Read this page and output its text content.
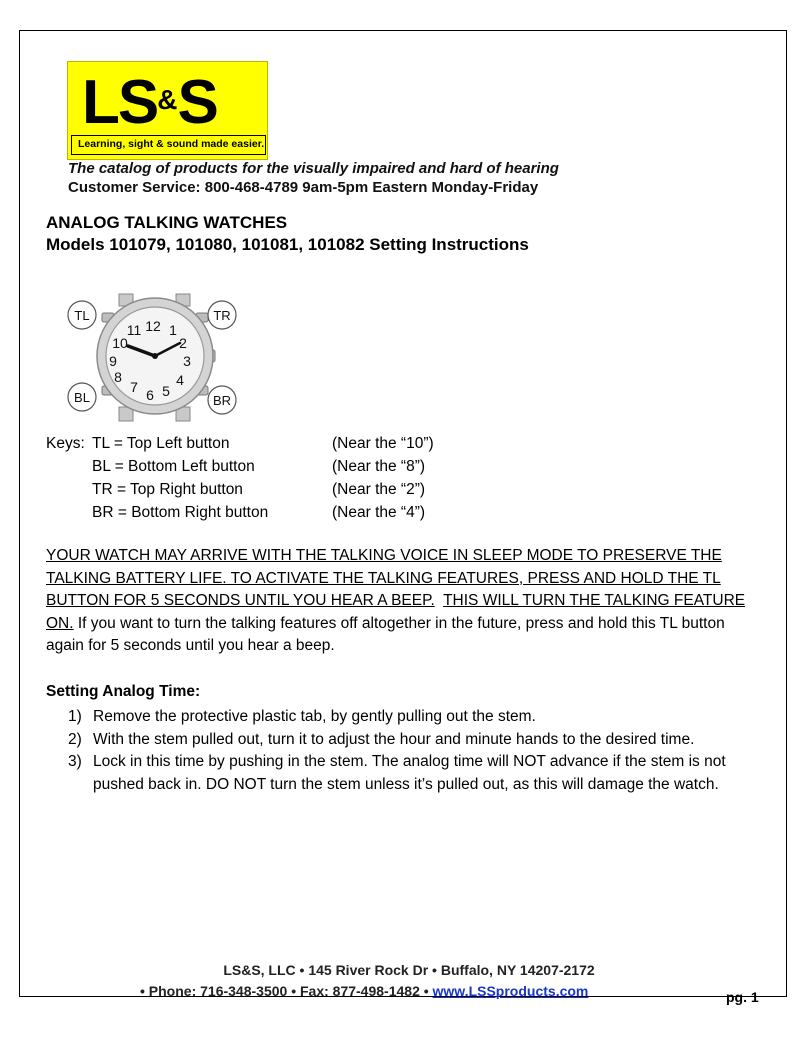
LS&S
Learning, sight & sound made easier.
The catalog of products for the visually impaired and hard of hearing
Customer Service: 800-468-4789 9am-5pm Eastern Monday-Friday
ANALOG TALKING WATCHES
Models 101079, 101080, 101081, 101082 Setting Instructions
12 1
2
3
4
5
6
7
8
9
10
11
TL	TR
BL	BR
Keys: TL = Top Left button	(Near the “10”)
BL = Bottom Left button	(Near the “8”)
TR = Top Right button	(Near the “2”)
BR = Bottom Right button	(Near the “4”)
YOUR WATCH MAY ARRIVE WITH THE TALKING VOICE IN SLEEP MODE TO PRESERVE THE TALKING BATTERY LIFE. TO ACTIVATE THE TALKING FEATURES, PRESS AND HOLD THE TL BUTTON FOR 5 SECONDS UNTIL YOU HEAR A BEEP. THIS WILL TURN THE TALKING FEATURE ON. If you want to turn the talking features off altogether in the future, press and hold this TL button again for 5 seconds until you hear a beep.
Setting Analog Time:
1) Remove the protective plastic tab, by gently pulling out the stem.
2) With the stem pulled out, turn it to adjust the hour and minute hands to the desired time.
3) Lock in this time by pushing in the stem. The analog time will NOT advance if the stem is not pushed back in. DO NOT turn the stem unless it’s pulled out, as this will damage the watch.
LS&S, LLC • 145 River Rock Dr • Buffalo, NY 14207-2172
• Phone: 716-348-3500 • Fax: 877-498-1482 • www.LSSproducts.com	pg. 1
